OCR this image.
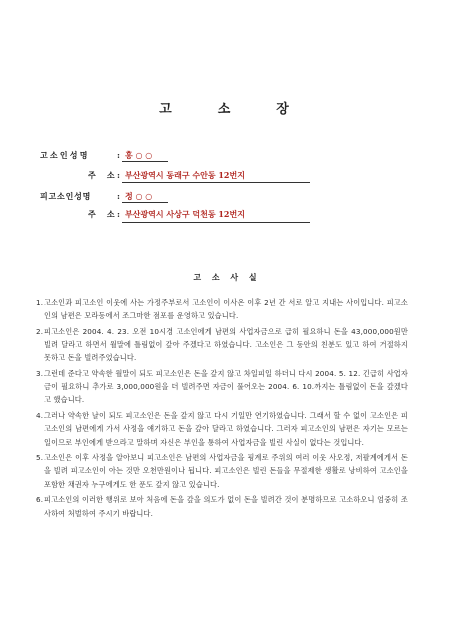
고	소	장
고소인성명	: 홍 ○ ○
주    소 : 부산광역시 동래구 수안동 12번지
피고소인성명	: 정 ○ ○
주    소 : 부산광역시 사상구 덕천동 12번지
고 소 사 실
1. 고소인과 피고소인 이웃에 사는 가정주부로서 고소인이 이사온 이후 2년 간 서로 알고 지내는 사이입니다. 피고소인의 남편은 모라동에서 조그마한 점포를 운영하고 있습니다.
2. 피고소인은 2004. 4. 23. 오전 10시경 고소인에게 남편의 사업자금으로 급히 필요하니 돈을 43,000,000원만 빌려 달라고 하면서 월말에 틀림없이 갚아 주겠다고 하였습니다. 고소인은 그 동안의 친분도 있고 하여 거절하지 못하고 돈을 빌려주었습니다.
3. 그런데 준다고 약속한 월말이 되도 피고소인은 돈을 갚지 않고 차일피일 하더니 다시 2004. 5. 12. 긴급히 사업자금이 필요하니 추가로 3,000,000원을 더 빌려주면 자금이 풀어오는 2004. 6. 10.까지는 틀림없이 돈을 갚겠다고 했습니다.
4. 그러나 약속한 날이 되도 피고소인은 돈을 갚지 않고 다시 기일만 연기하였습니다. 그래서 할 수 없이 고소인은 피고소인의 남편에게 가서 사정을 얘기하고 돈을 갚아 달라고 하였습니다. 그러자 피고소인의 남편은 자기는 모르는 일이므로 부인에게 받으라고 말하며 자신은 부인을 통하여 사업자금을 빌린 사실이 없다는 것입니다.
5. 고소인은 이후 사정을 알아보니 피고소인은 남편의 사업자금을 핑계로 주위의 여러 이웃 사오정, 저팔계에게서 돈을 빌려 피고소인이 아는 것만 오천만원이나 됩니다. 피고소인은 빌린 돈들을 무절제한 생활로 낭비하여 고소인을 포함한 채권자 누구에게도 한 푼도 갚지 않고 있습니다.
6. 피고소인의 이러한 행위로 보아 처음에 돈을 갚을 의도가 없이 돈을 빌려간 것이 분명하므로 고소하오니 엄중히 조사하여 처벌하여 주시기 바랍니다.
